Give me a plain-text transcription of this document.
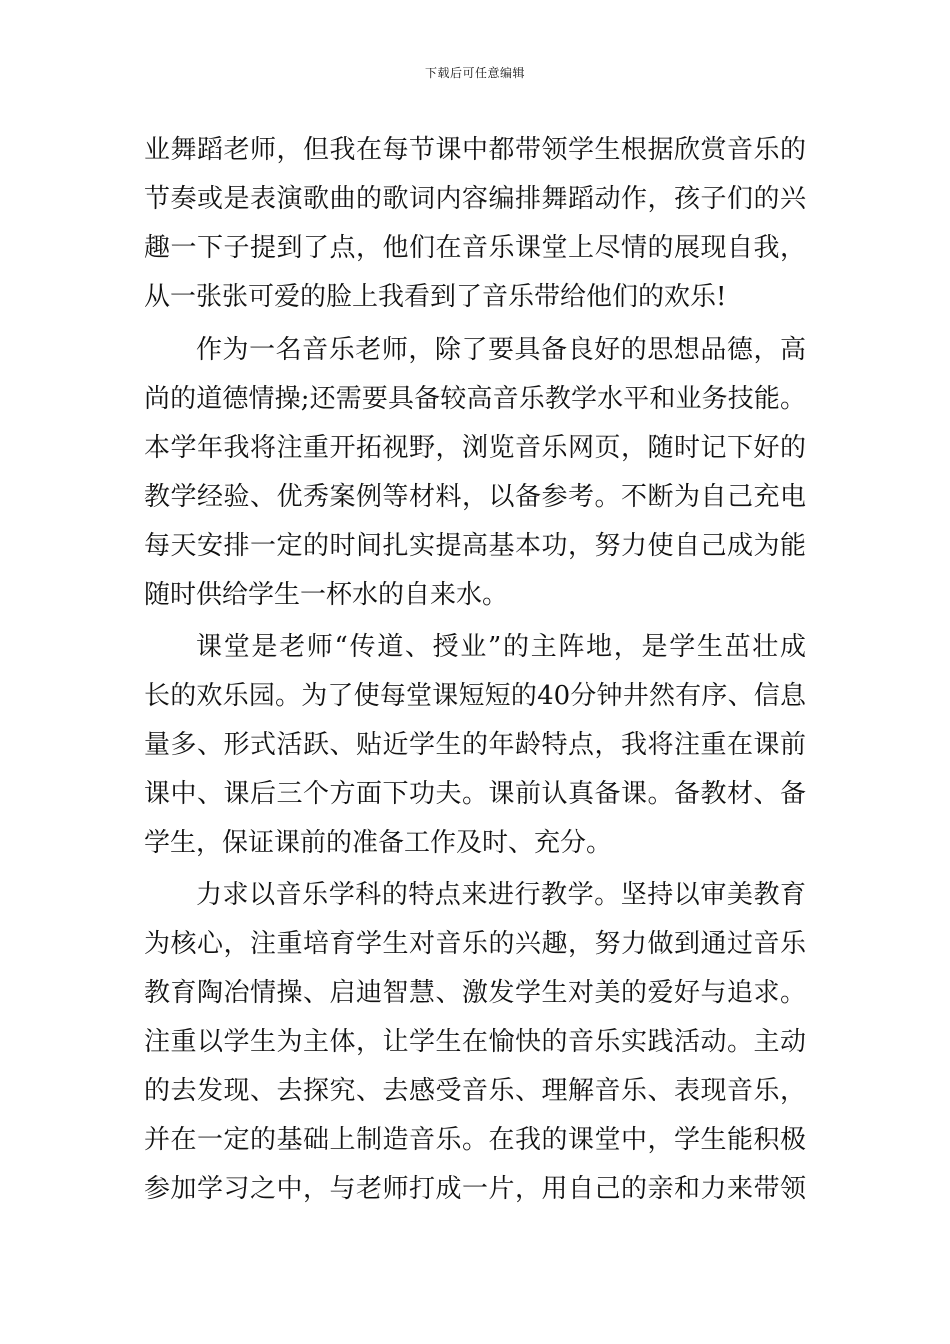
下载后可任意编辑
业舞蹈老师，但我在每节课中都带领学生根据欣赏音乐的
节奏或是表演歌曲的歌词内容编排舞蹈动作，孩子们的兴
趣一下子提到了点，他们在音乐课堂上尽情的展现自我，
从一张张可爱的脸上我看到了音乐带给他们的欢乐!
作为一名音乐老师，除了要具备良好的思想品德，高
尚的道德情操;还需要具备较高音乐教学水平和业务技能。
本学年我将注重开拓视野，浏览音乐网页，随时记下好的
教学经验、优秀案例等材料，以备参考。不断为自己充电
每天安排一定的时间扎实提高基本功，努力使自己成为能
随时供给学生一杯水的自来水。
课堂是老师“传道、授业”的主阵地，是学生茁壮成
长的欢乐园。为了使每堂课短短的40分钟井然有序、信息
量多、形式活跃、贴近学生的年龄特点，我将注重在课前
课中、课后三个方面下功夫。课前认真备课。备教材、备
学生，保证课前的准备工作及时、充分。
力求以音乐学科的特点来进行教学。坚持以审美教育
为核心，注重培育学生对音乐的兴趣，努力做到通过音乐
教育陶冶情操、启迪智慧、激发学生对美的爱好与追求。
注重以学生为主体，让学生在愉快的音乐实践活动。主动
的去发现、去探究、去感受音乐、理解音乐、表现音乐，
并在一定的基础上制造音乐。在我的课堂中，学生能积极
参加学习之中，与老师打成一片，用自己的亲和力来带领
